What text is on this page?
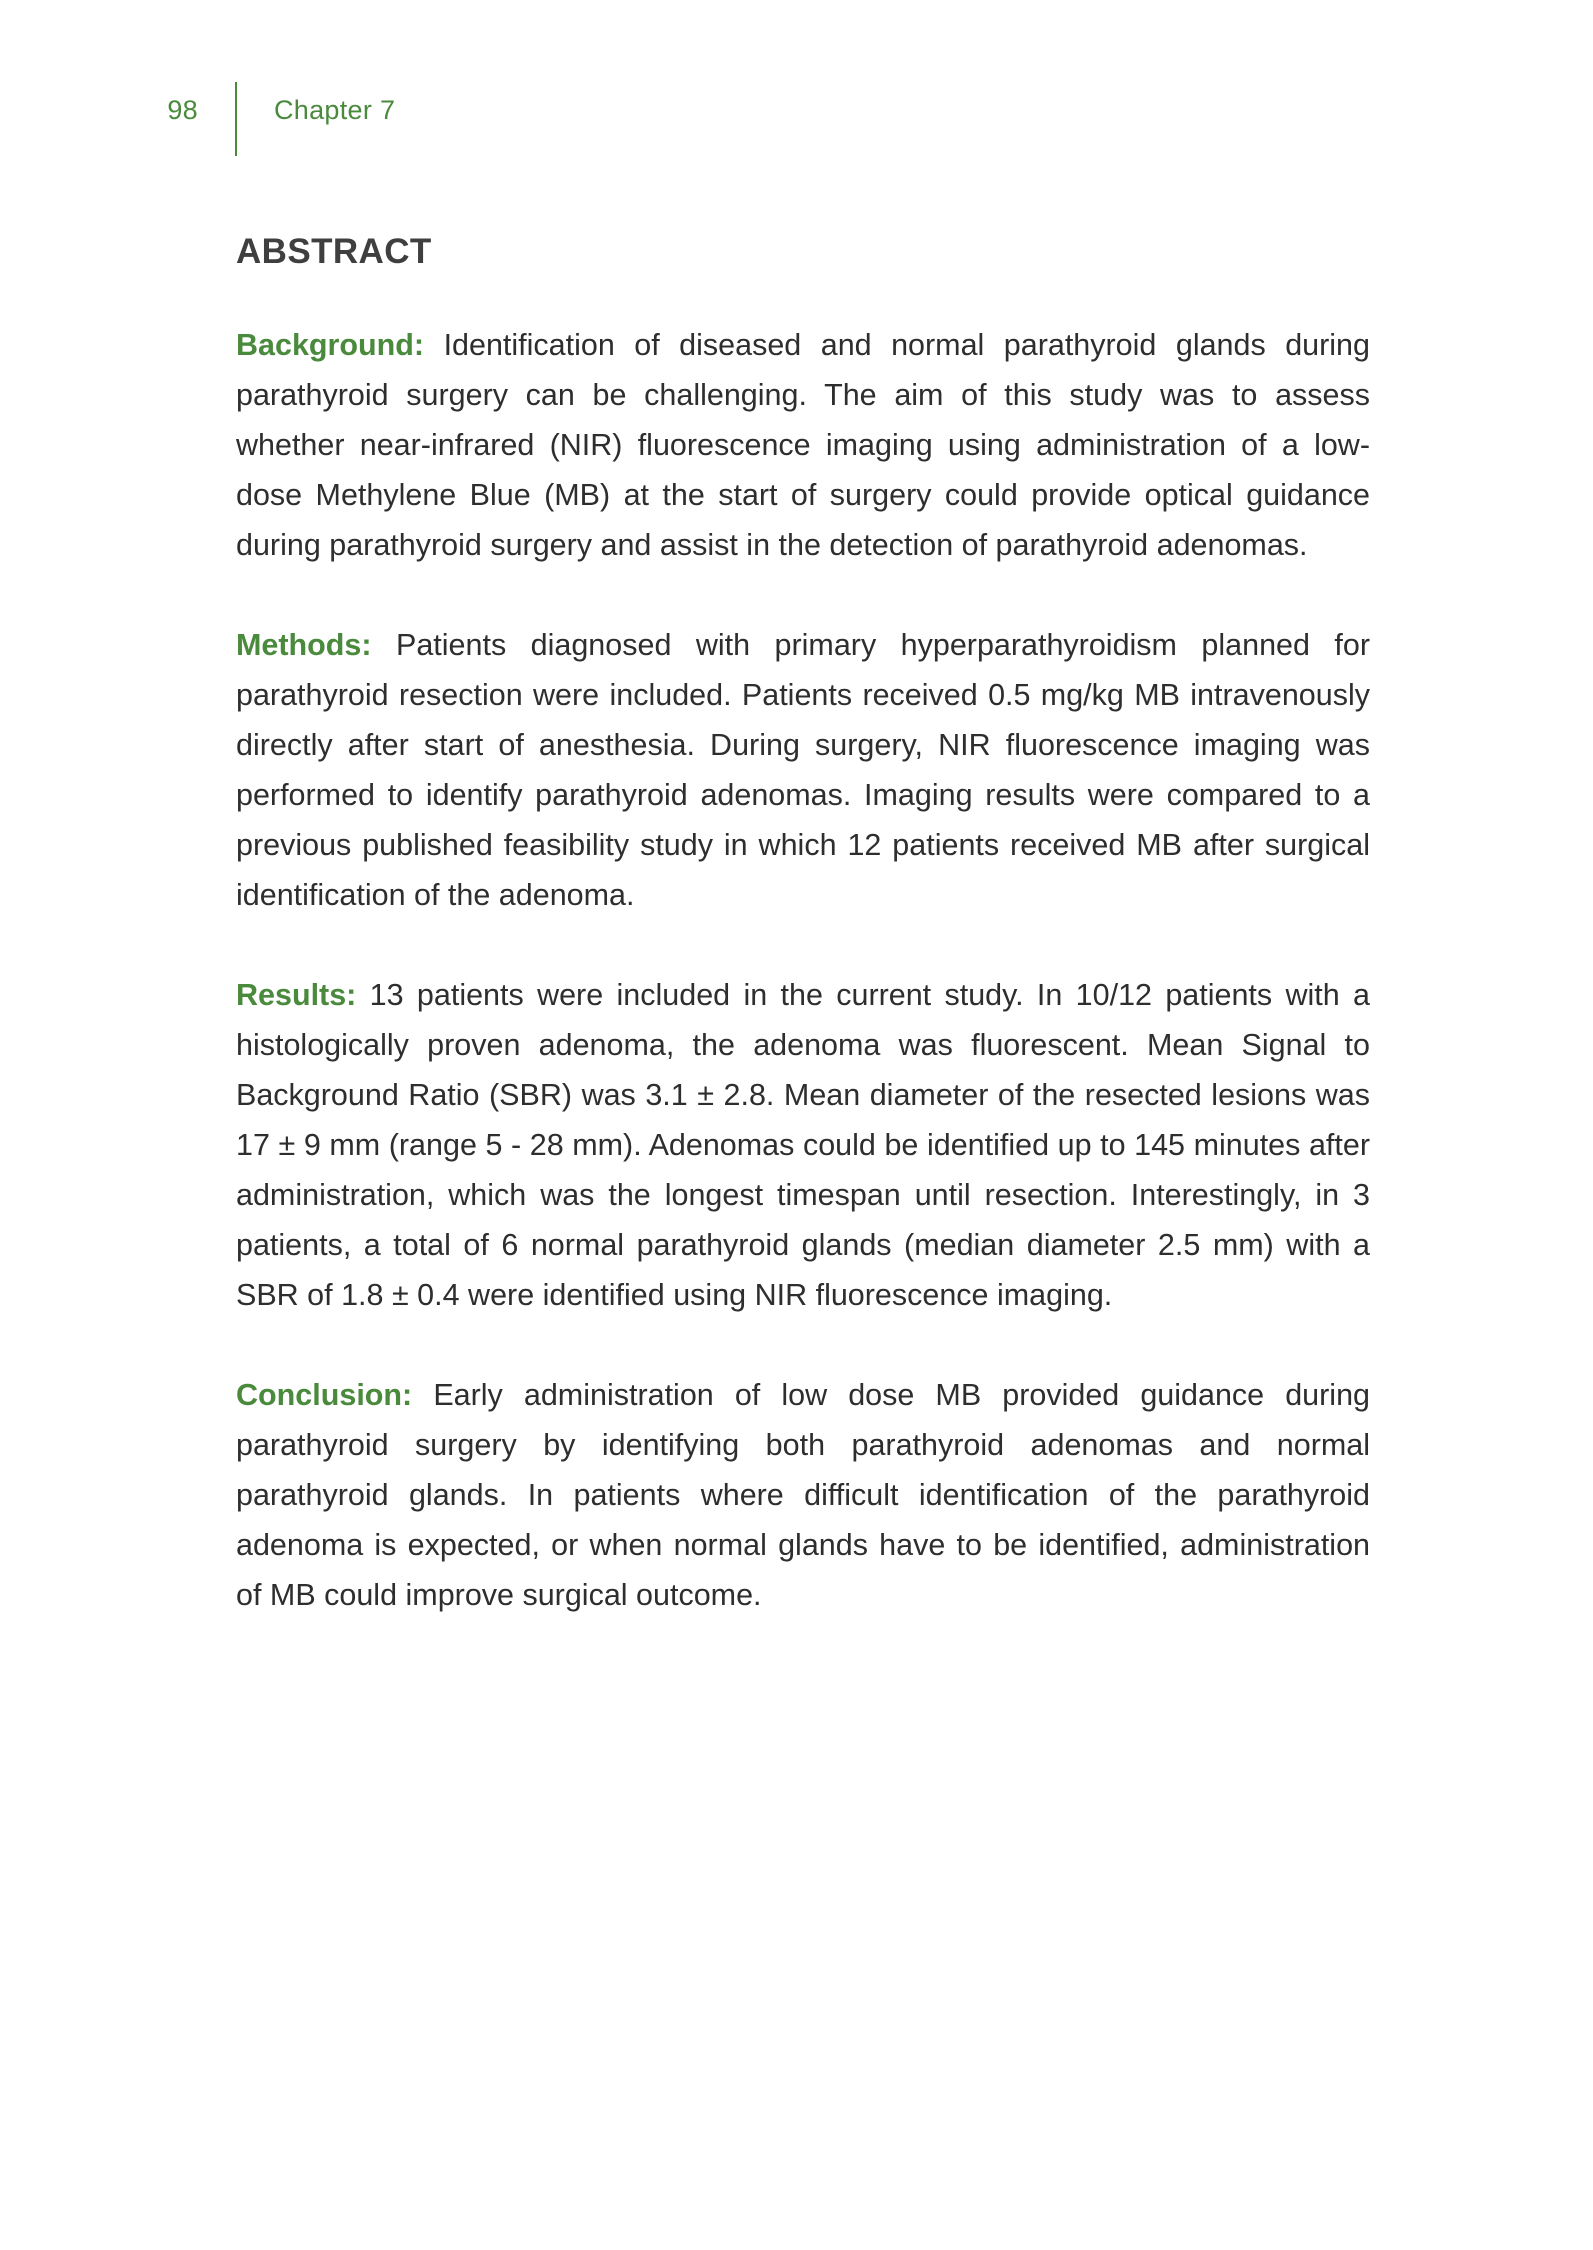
98	Chapter 7
ABSTRACT

Background: Identification of diseased and normal parathyroid glands during parathyroid surgery can be challenging. The aim of this study was to assess whether near-infrared (NIR) fluorescence imaging using administration of a low-dose Methylene Blue (MB) at the start of surgery could provide optical guidance during parathyroid surgery and assist in the detection of parathyroid adenomas.

Methods: Patients diagnosed with primary hyperparathyroidism planned for parathyroid resection were included. Patients received 0.5 mg/kg MB intravenously directly after start of anesthesia. During surgery, NIR fluorescence imaging was performed to identify parathyroid adenomas. Imaging results were compared to a previous published feasibility study in which 12 patients received MB after surgical identification of the adenoma.

Results: 13 patients were included in the current study. In 10/12 patients with a histologically proven adenoma, the adenoma was fluorescent. Mean Signal to Background Ratio (SBR) was 3.1 ± 2.8. Mean diameter of the resected lesions was 17 ± 9 mm (range 5 - 28 mm). Adenomas could be identified up to 145 minutes after administration, which was the longest timespan until resection. Interestingly, in 3 patients, a total of 6 normal parathyroid glands (median diameter 2.5 mm) with a SBR of 1.8 ± 0.4 were identified using NIR fluorescence imaging.

Conclusion: Early administration of low dose MB provided guidance during parathyroid surgery by identifying both parathyroid adenomas and normal parathyroid glands. In patients where difficult identification of the parathyroid adenoma is expected, or when normal glands have to be identified, administration of MB could improve surgical outcome.
